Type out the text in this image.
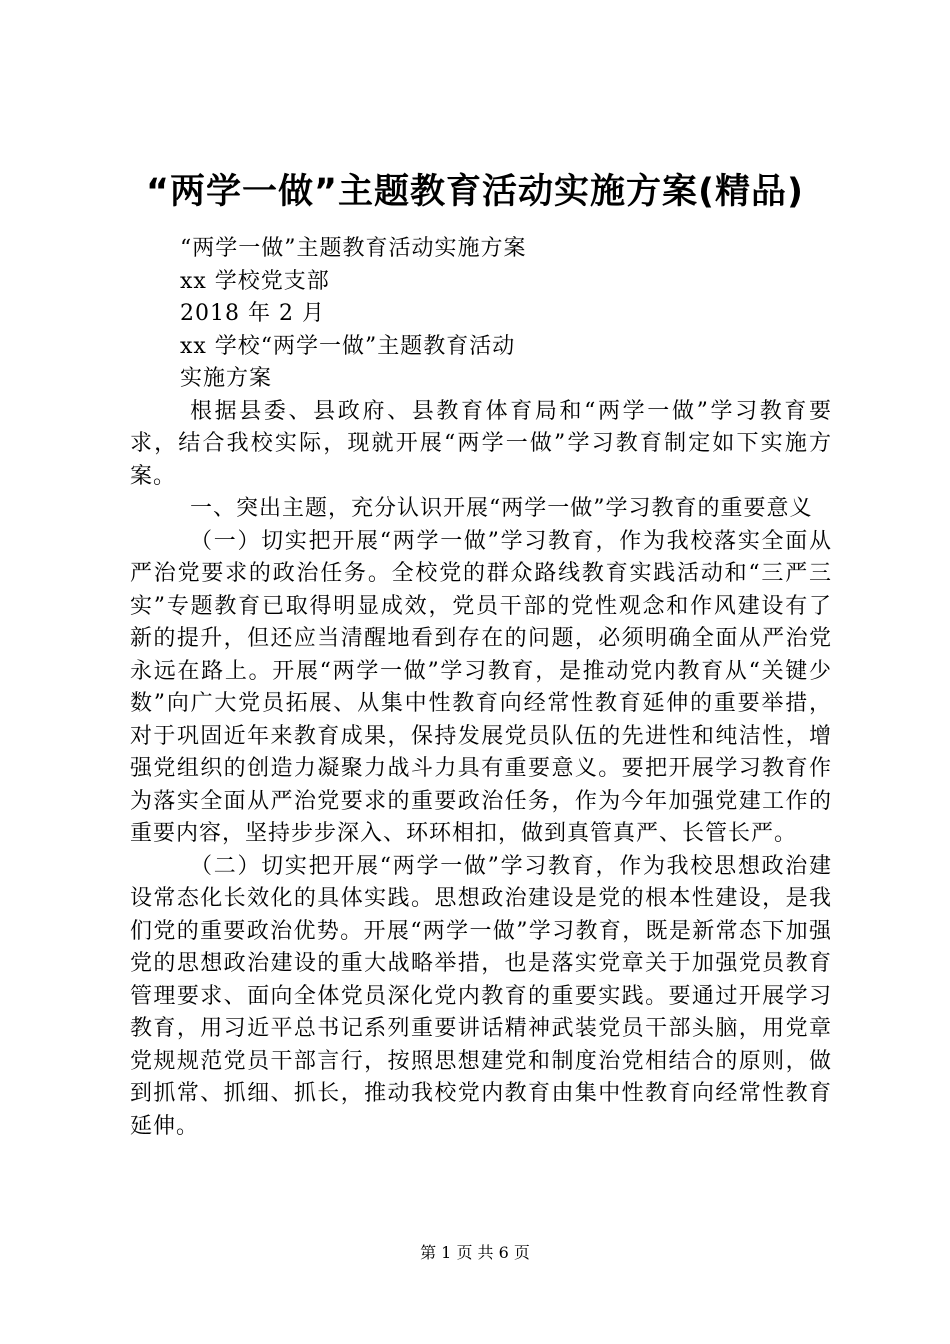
“两学一做”主题教育活动实施方案(精品)

“两学一做”主题教育活动实施方案

xx 学校党支部

2018 年 2 月

xx 学校“两学一做”主题教育活动

实施方案

根据县委、县政府、县教育体育局和“两学一做”学习教育要求，结合我校实际，现就开展“两学一做”学习教育制定如下实施方案。

一、突出主题，充分认识开展“两学一做”学习教育的重要意义

（一）切实把开展“两学一做”学习教育，作为我校落实全面从严治党要求的政治任务。全校党的群众路线教育实践活动和“三严三实”专题教育已取得明显成效，党员干部的党性观念和作风建设有了新的提升，但还应当清醒地看到存在的问题，必须明确全面从严治党永远在路上。开展“两学一做”学习教育，是推动党内教育从“关键少数”向广大党员拓展、从集中性教育向经常性教育延伸的重要举措，对于巩固近年来教育成果，保持发展党员队伍的先进性和纯洁性，增强党组织的创造力凝聚力战斗力具有重要意义。要把开展学习教育作为落实全面从严治党要求的重要政治任务，作为今年加强党建工作的重要内容，坚持步步深入、环环相扣，做到真管真严、长管长严。

（二）切实把开展“两学一做”学习教育，作为我校思想政治建设常态化长效化的具体实践。思想政治建设是党的根本性建设，是我们党的重要政治优势。开展“两学一做”学习教育，既是新常态下加强党的思想政治建设的重大战略举措，也是落实党章关于加强党员教育管理要求、面向全体党员深化党内教育的重要实践。要通过开展学习教育，用习近平总书记系列重要讲话精神武装党员干部头脑，用党章党规规范党员干部言行，按照思想建党和制度治党相结合的原则，做到抓常、抓细、抓长，推动我校党内教育由集中性教育向经常性教育延伸。

第 1 页 共 6 页
